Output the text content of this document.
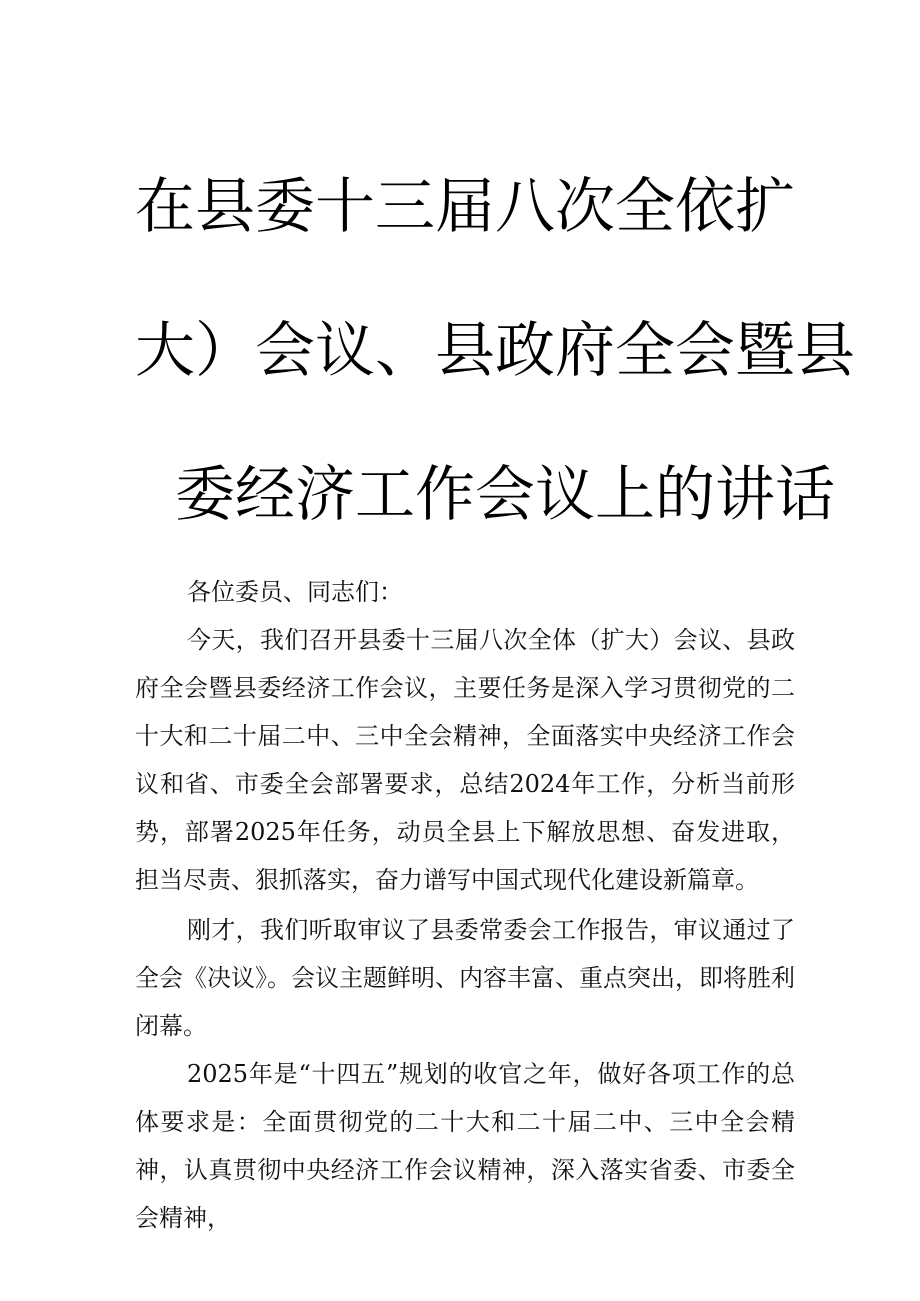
在县委十三届八次全依扩
大）会议、县政府全会暨县
委经济工作会议上的讲话

各位委员、同志们：

今天，我们召开县委十三届八次全体（扩大）会议、县政府全会暨县委经济工作会议，主要任务是深入学习贯彻党的二十大和二十届二中、三中全会精神，全面落实中央经济工作会议和省、市委全会部署要求，总结2024年工作，分析当前形势，部署2025年任务，动员全县上下解放思想、奋发进取，担当尽责、狠抓落实，奋力谱写中国式现代化建设新篇章。

刚才，我们听取审议了县委常委会工作报告，审议通过了全会《决议》。会议主题鲜明、内容丰富、重点突出，即将胜利闭幕。

2025年是“十四五”规划的收官之年，做好各项工作的总体要求是：全面贯彻党的二十大和二十届二中、三中全会精神，认真贯彻中央经济工作会议精神，深入落实省委、市委全会精神，
